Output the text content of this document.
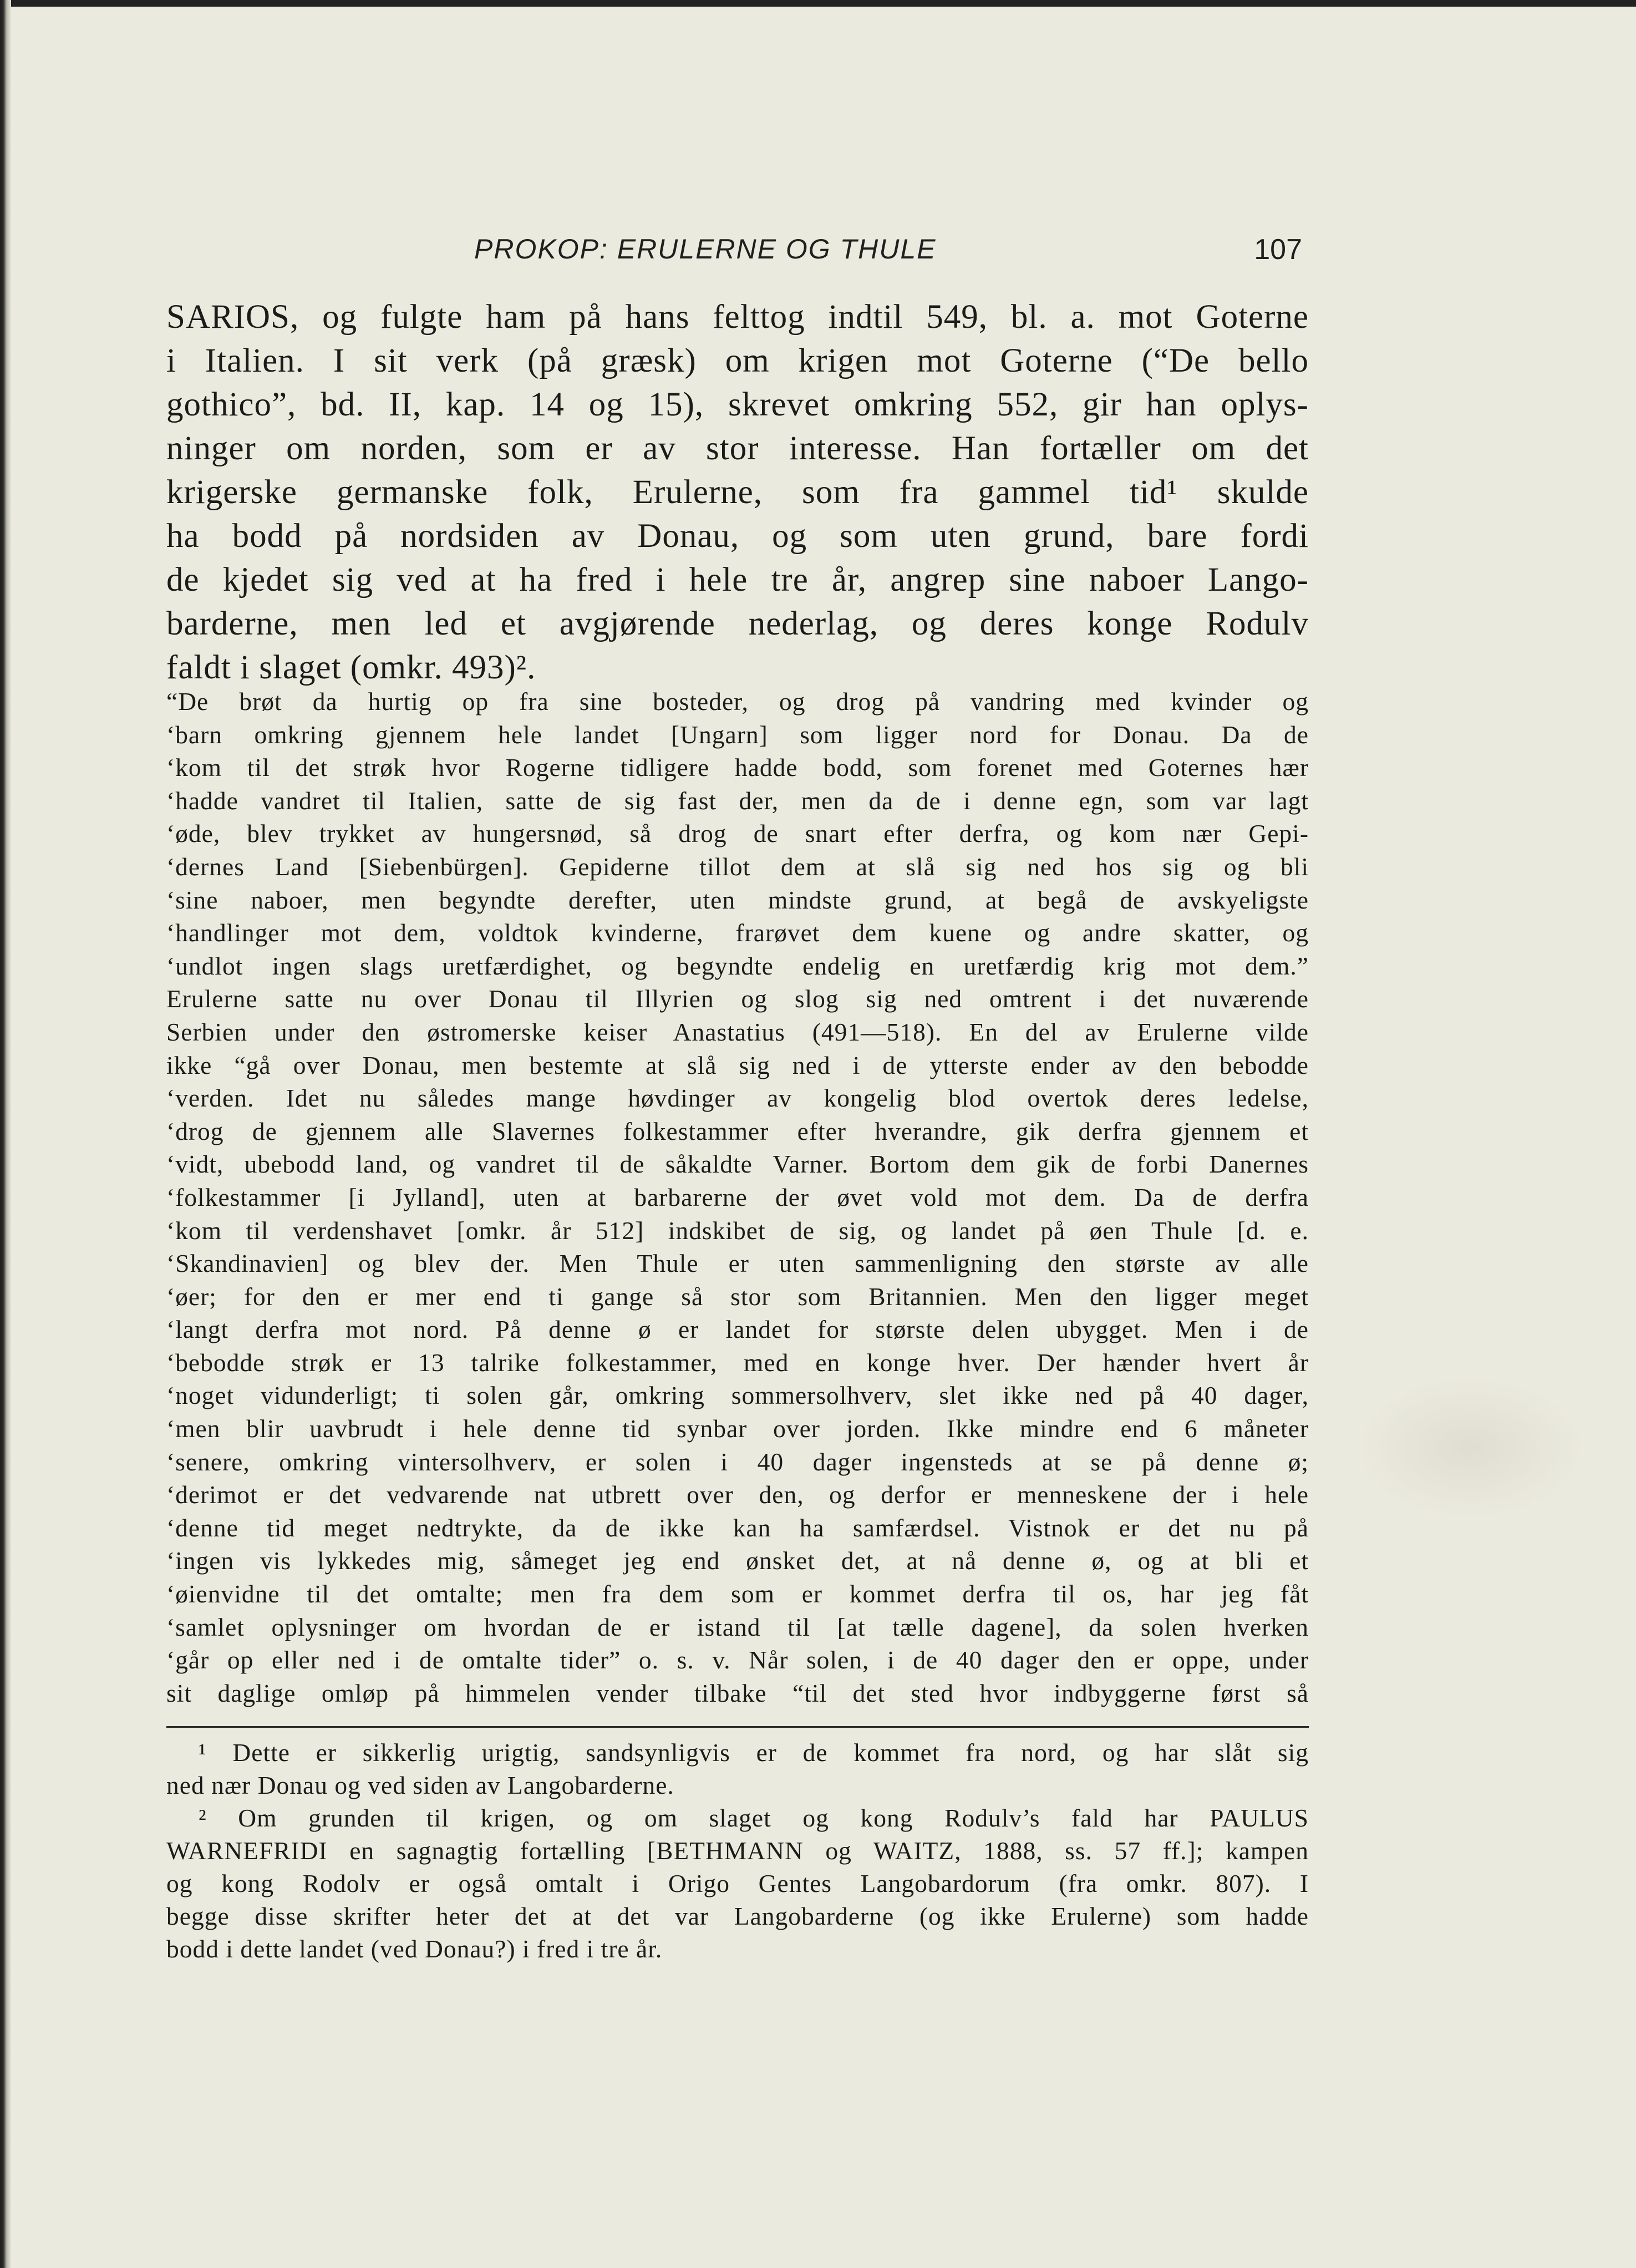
PROKOP: ERULERNE OG THULE	107
SARIOS, og fulgte ham på hans felttog indtil 549, bl. a. mot Goterne
i Italien. I sit verk (på græsk) om krigen mot Goterne (“De bello
gothico”, bd. II, kap. 14 og 15), skrevet omkring 552, gir han oplys-
ninger om norden, som er av stor interesse. Han fortæller om det
krigerske germanske folk, Erulerne, som fra gammel tid¹ skulde
ha bodd på nordsiden av Donau, og som uten grund, bare fordi
de kjedet sig ved at ha fred i hele tre år, angrep sine naboer Lango-
barderne, men led et avgjørende nederlag, og deres konge Rodulv
faldt i slaget (omkr. 493)².
“De brøt da hurtig op fra sine bosteder, og drog på vandring med kvinder og
‘barn omkring gjennem hele landet [Ungarn] som ligger nord for Donau. Da de
‘kom til det strøk hvor Rogerne tidligere hadde bodd, som forenet med Goternes hær
‘hadde vandret til Italien, satte de sig fast der, men da de i denne egn, som var lagt
‘øde, blev trykket av hungersnød, så drog de snart efter derfra, og kom nær Gepi-
‘dernes Land [Siebenbürgen]. Gepiderne tillot dem at slå sig ned hos sig og bli
‘sine naboer, men begyndte derefter, uten mindste grund, at begå de avskyeligste
‘handlinger mot dem, voldtok kvinderne, frarøvet dem kuene og andre skatter, og
‘undlot ingen slags uretfærdighet, og begyndte endelig en uretfærdig krig mot dem.”
Erulerne satte nu over Donau til Illyrien og slog sig ned omtrent i det nuværende
Serbien under den østromerske keiser Anastatius (491—518). En del av Erulerne vilde
ikke “gå over Donau, men bestemte at slå sig ned i de ytterste ender av den bebodde
‘verden. Idet nu således mange høvdinger av kongelig blod overtok deres ledelse,
‘drog de gjennem alle Slavernes folkestammer efter hverandre, gik derfra gjennem et
‘vidt, ubebodd land, og vandret til de såkaldte Varner. Bortom dem gik de forbi Danernes
‘folkestammer [i Jylland], uten at barbarerne der øvet vold mot dem. Da de derfra
‘kom til verdenshavet [omkr. år 512] indskibet de sig, og landet på øen Thule [d. e.
‘Skandinavien] og blev der. Men Thule er uten sammenligning den største av alle
‘øer; for den er mer end ti gange så stor som Britannien. Men den ligger meget
‘langt derfra mot nord. På denne ø er landet for største delen ubygget. Men i de
‘bebodde strøk er 13 talrike folkestammer, med en konge hver. Der hænder hvert år
‘noget vidunderligt; ti solen går, omkring sommersolhverv, slet ikke ned på 40 dager,
‘men blir uavbrudt i hele denne tid synbar over jorden. Ikke mindre end 6 måneter
‘senere, omkring vintersolhverv, er solen i 40 dager ingensteds at se på denne ø;
‘derimot er det vedvarende nat utbrett over den, og derfor er menneskene der i hele
‘denne tid meget nedtrykte, da de ikke kan ha samfærdsel. Vistnok er det nu på
‘ingen vis lykkedes mig, såmeget jeg end ønsket det, at nå denne ø, og at bli et
‘øienvidne til det omtalte; men fra dem som er kommet derfra til os, har jeg fåt
‘samlet oplysninger om hvordan de er istand til [at tælle dagene], da solen hverken
‘går op eller ned i de omtalte tider” o. s. v. Når solen, i de 40 dager den er oppe, under
sit daglige omløp på himmelen vender tilbake “til det sted hvor indbyggerne først så
¹ Dette er sikkerlig urigtig, sandsynligvis er de kommet fra nord, og har slåt sig
ned nær Donau og ved siden av Langobarderne.
² Om grunden til krigen, og om slaget og kong Rodulv’s fald har PAULUS
WARNEFRIDI en sagnagtig fortælling [BETHMANN og WAITZ, 1888, ss. 57 ff.]; kampen
og kong Rodolv er også omtalt i Origo Gentes Langobardorum (fra omkr. 807). I
begge disse skrifter heter det at det var Langobarderne (og ikke Erulerne) som hadde
bodd i dette landet (ved Donau?) i fred i tre år.
